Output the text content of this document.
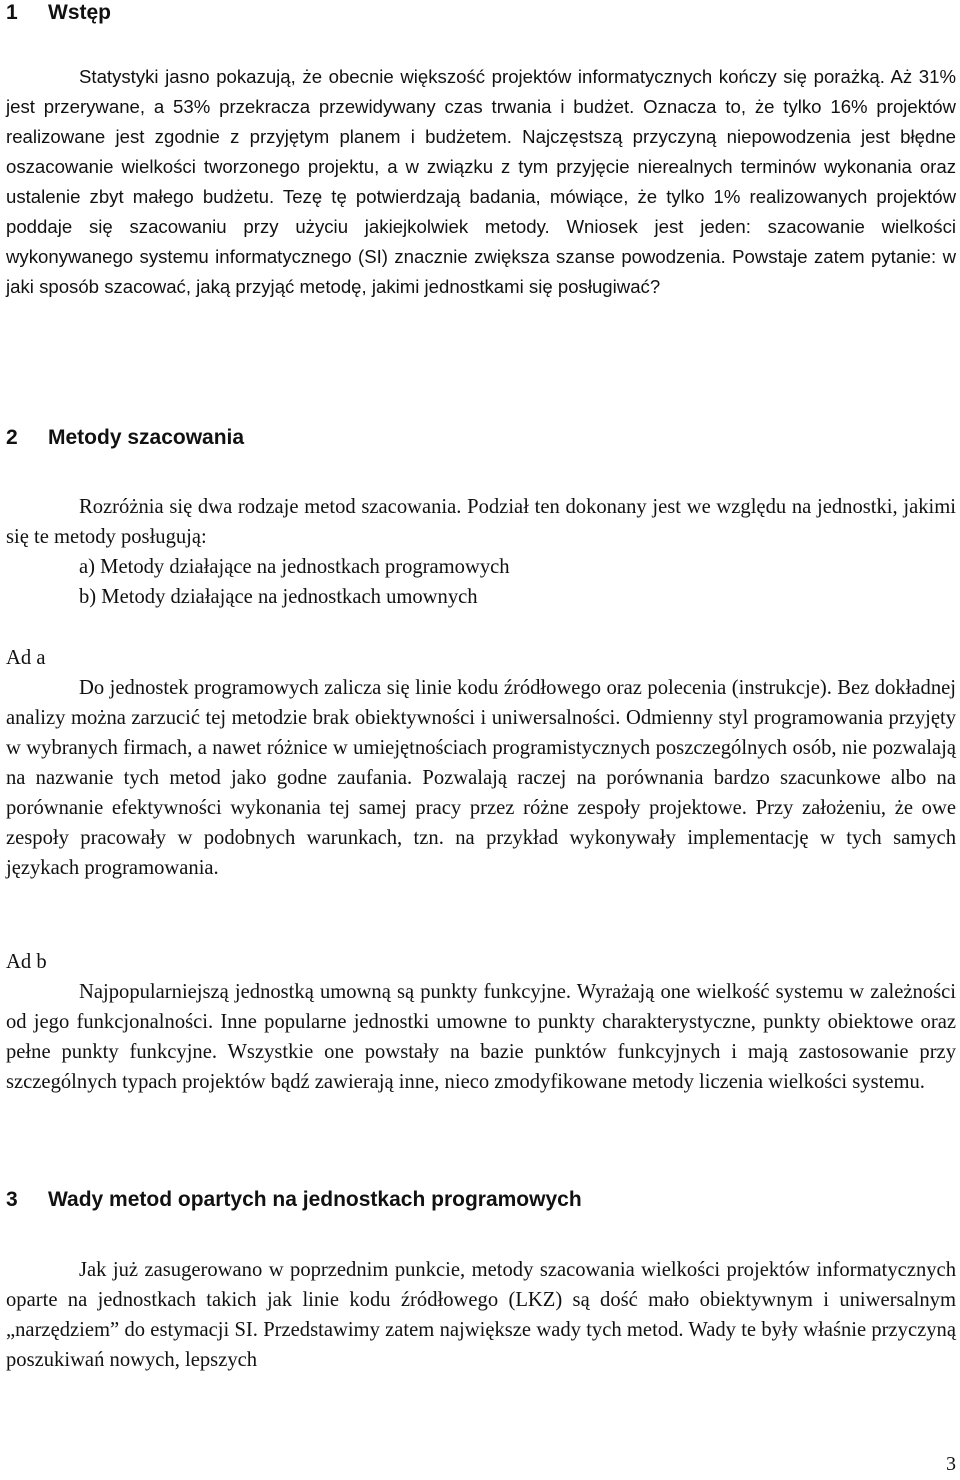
1 Wstęp

Statystyki jasno pokazują, że obecnie większość projektów informatycznych kończy się porażką. Aż 31% jest przerywane, a 53% przekracza przewidywany czas trwania i budżet. Oznacza to, że tylko 16% projektów realizowane jest zgodnie z przyjętym planem i budżetem. Najczęstszą przyczyną niepowodzenia jest błędne oszacowanie wielkości tworzonego projektu, a w związku z tym przyjęcie nierealnych terminów wykonania oraz ustalenie zbyt małego budżetu. Tezę tę potwierdzają badania, mówiące, że tylko 1% realizowanych projektów poddaje się szacowaniu przy użyciu jakiejkolwiek metody. Wniosek jest jeden: szacowanie wielkości wykonywanego systemu informatycznego (SI) znacznie zwiększa szanse powodzenia. Powstaje zatem pytanie: w jaki sposób szacować, jaką przyjąć metodę, jakimi jednostkami się posługiwać?

2 Metody szacowania

Rozróżnia się dwa rodzaje metod szacowania. Podział ten dokonany jest we względu na jednostki, jakimi się te metody posługują:

a) Metody działające na jednostkach programowych
b) Metody działające na jednostkach umownych
Ad a

Do jednostek programowych zalicza się linie kodu źródłowego oraz polecenia (instrukcje). Bez dokładnej analizy można zarzucić tej metodzie brak obiektywności i uniwersalności. Odmienny styl programowania przyjęty w wybranych firmach, a nawet różnice w umiejętnościach programistycznych poszczególnych osób, nie pozwalają na nazwanie tych metod jako godne zaufania. Pozwalają raczej na porównania bardzo szacunkowe albo na porównanie efektywności wykonania tej samej pracy przez różne zespoły projektowe. Przy założeniu, że owe zespoły pracowały w podobnych warunkach, tzn. na przykład wykonywały implementację w tych samych językach programowania.

Ad b

Najpopularniejszą jednostką umowną są punkty funkcyjne. Wyrażają one wielkość systemu w zależności od jego funkcjonalności. Inne popularne jednostki umowne to punkty charakterystyczne, punkty obiektowe oraz pełne punkty funkcyjne. Wszystkie one powstały na bazie punktów funkcyjnych i mają zastosowanie przy szczególnych typach projektów bądź zawierają inne, nieco zmodyfikowane metody liczenia wielkości systemu.

3 Wady metod opartych na jednostkach programowych

Jak już zasugerowano w poprzednim punkcie, metody szacowania wielkości projektów informatycznych oparte na jednostkach takich jak linie kodu źródłowego (LKZ) są dość mało obiektywnym i uniwersalnym „narzędziem” do estymacji SI. Przedstawimy zatem największe wady tych metod. Wady te były właśnie przyczyną poszukiwań nowych, lepszych

3
